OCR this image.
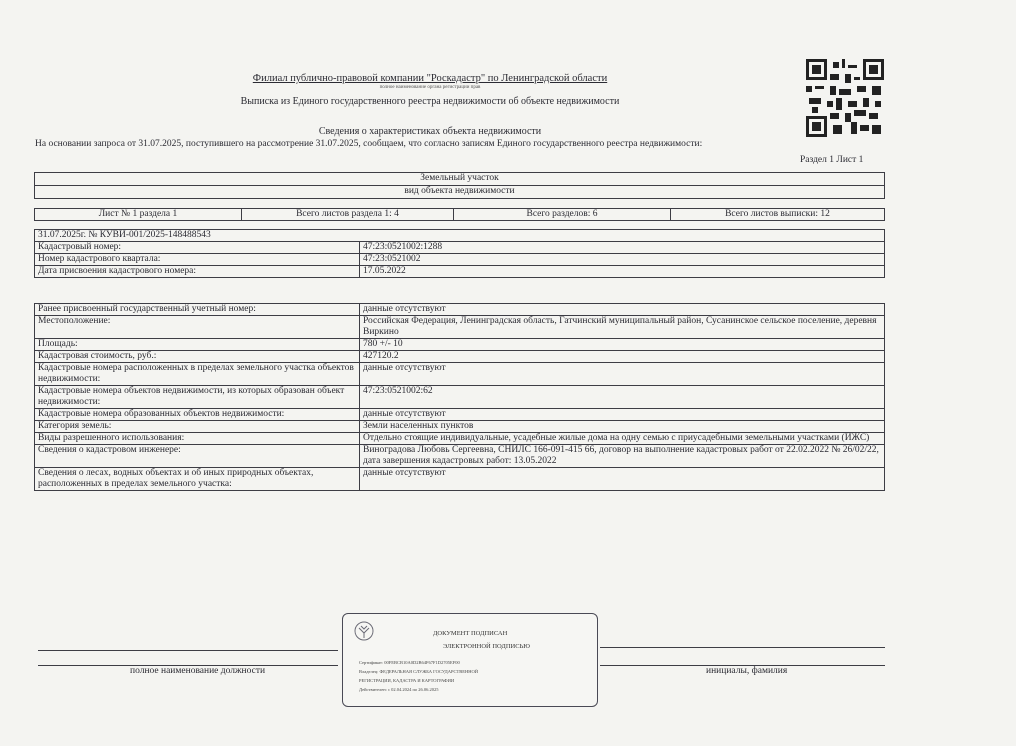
Филиал публично-правовой компании "Роскадастр" по Ленинградской области
полное наименование органа регистрации прав
Выписка из Единого государственного реестра недвижимости об объекте недвижимости
Сведения о характеристиках объекта недвижимости
На основании запроса от 31.07.2025, поступившего на рассмотрение 31.07.2025, сообщаем, что согласно записям Единого государственного реестра недвижимости:
Раздел 1 Лист 1
Земельный участок
вид объекта недвижимости
Лист № 1 раздела 1	Всего листов раздела 1: 4	Всего разделов: 6	Всего листов выписки: 12
31.07.2025г. № КУВИ-001/2025-148488543	
Кадастровый номер:	47:23:0521002:1288
Номер кадастрового квартала:	47:23:0521002
Дата присвоения кадастрового номера:	17.05.2022
Ранее присвоенный государственный учетный номер:	данные отсутствуют
Местоположение:	Российская Федерация, Ленинградская область, Гатчинский муниципальный район, Сусанинское сельское поселение, деревня Виркино
Площадь:	780 +/- 10
Кадастровая стоимость, руб.:	427120.2
Кадастровые номера расположенных в пределах земельного участка объектов недвижимости:	данные отсутствуют
Кадастровые номера объектов недвижимости, из которых образован объект недвижимости:	47:23:0521002:62
Кадастровые номера образованных объектов недвижимости:	данные отсутствуют
Категория земель:	Земли населенных пунктов
Виды разрешенного использования:	Отдельно стоящие индивидуальные, усадебные жилые дома на одну семью с приусадебными земельными участками (ИЖС)
Сведения о кадастровом инженере:	Виноградова Любовь Сергеевна, СНИЛС 166-091-415 66, договор на выполнение кадастровых работ от 22.02.2022 № 26/02/22, дата завершения кадастровых работ: 13.05.2022
Сведения о лесах, водных объектах и об иных природных объектах, расположенных в пределах земельного участка:	данные отсутствуют
полное наименование должности	инициалы, фамилия
ДОКУМЕНТ ПОДПИСАН
ЭЛЕКТРОННОЙ ПОДПИСЬЮ
Сертификат: 00FEBCB10A0D2B64F67F1D2705EF00
Владелец: ФЕДЕРАЛЬНАЯ СЛУЖБА ГОСУДАРСТВЕННОЙ
РЕГИСТРАЦИИ, КАДАСТРА И КАРТОГРАФИИ
Действителен: с 02.04.2024 по 26.06.2025
